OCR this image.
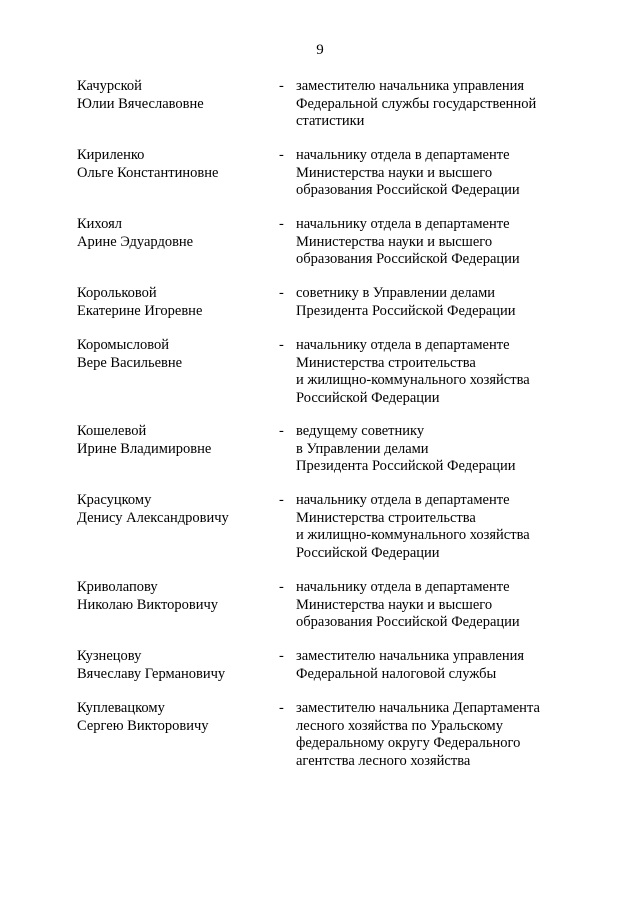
9
Качурской
Юлии Вячеславовне
- заместителю начальника управления
Федеральной службы государственной
статистики
Кириленко
Ольге Константиновне
- начальнику отдела в департаменте
Министерства науки и высшего
образования Российской Федерации
Кихоял
Арине Эдуардовне
- начальнику отдела в департаменте
Министерства науки и высшего
образования Российской Федерации
Корольковой
Екатерине Игоревне
- советнику в Управлении делами
Президента Российской Федерации
Коромысловой
Вере Васильевне
- начальнику отдела в департаменте
Министерства строительства
и жилищно-коммунального хозяйства
Российской Федерации
Кошелевой
Ирине Владимировне
- ведущему советнику
в Управлении делами
Президента Российской Федерации
Красуцкому
Денису Александровичу
- начальнику отдела в департаменте
Министерства строительства
и жилищно-коммунального хозяйства
Российской Федерации
Криволапову
Николаю Викторовичу
- начальнику отдела в департаменте
Министерства науки и высшего
образования Российской Федерации
Кузнецову
Вячеславу Германовичу
- заместителю начальника управления
Федеральной налоговой службы
Куплевацкому
Сергею Викторовичу
- заместителю начальника Департамента
лесного хозяйства по Уральскому
федеральному округу Федерального
агентства лесного хозяйства
